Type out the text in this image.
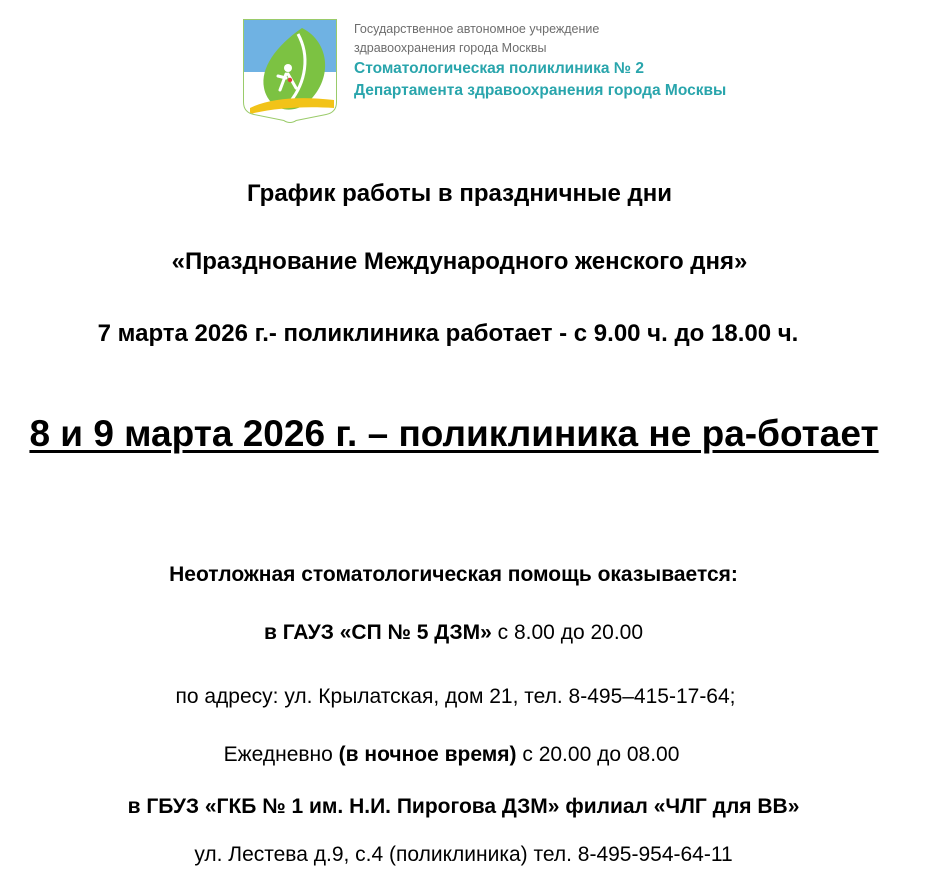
Государственное автономное учреждение
здравоохранения города Москвы
Стоматологическая поликлиника № 2
Департамента здравоохранения города Москвы
График работы в праздничные дни
«Празднование Международного женского дня»
7 марта 2026 г.- поликлиника работает - с 9.00 ч. до 18.00 ч.
8 и 9 марта 2026 г. – поликлиника не ра-ботает
Неотложная стоматологическая помощь оказывается:
в ГАУЗ «СП № 5 ДЗМ» с 8.00 до 20.00
по адресу: ул. Крылатская, дом 21, тел. 8-495–415-17-64;
Ежедневно (в ночное время) с 20.00 до 08.00
в ГБУЗ «ГКБ № 1 им. Н.И. Пирогова ДЗМ» филиал «ЧЛГ для ВВ»
ул. Лестева д.9, с.4 (поликлиника) тел. 8-495-954-64-11
